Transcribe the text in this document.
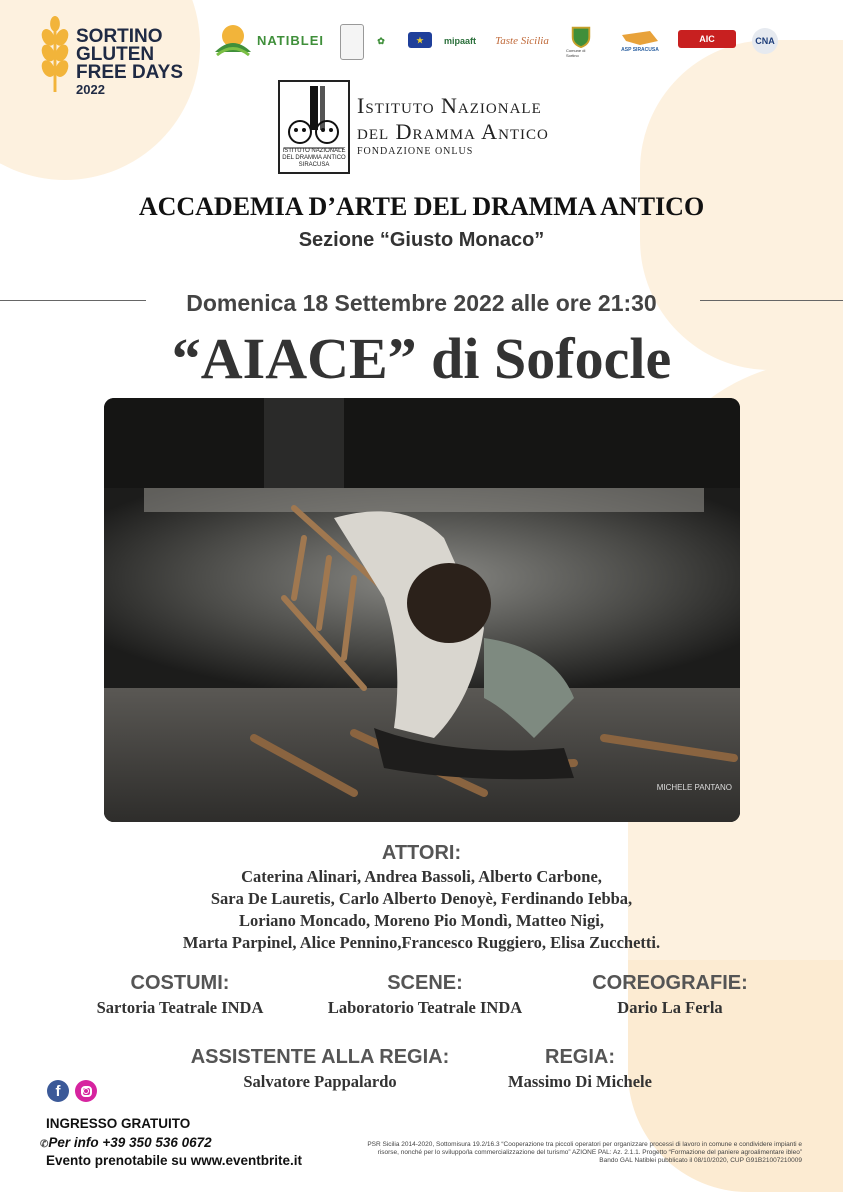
SORTINO
GLUTEN
FREE DAYS
2022
NATIBLEI	✿	★	mipaaft Taste Sicilia
Comune di Sortino
ASP SIRACUSA
AIC	CNA
ISTITUTO NAZIONALE DEL DRAMMA ANTICO SIRACUSA
Istituto Nazionale
del Dramma Antico
FONDAZIONE ONLUS
ACCADEMIA D’ARTE DEL DRAMMA ANTICO
Sezione “Giusto Monaco”
Domenica 18 Settembre 2022 alle ore 21:30
“AIACE” di Sofocle
MICHELE PANTANO
ATTORI:
Caterina Alinari, Andrea Bassoli, Alberto Carbone,
Sara De Lauretis, Carlo Alberto Denoyè, Ferdinando Iebba,
Loriano Moncado, Moreno Pio Mondì, Matteo Nigi,
Marta Parpinel, Alice Pennino,Francesco Ruggiero, Elisa Zucchetti.
COSTUMI:
Sartoria Teatrale INDA
SCENE:
Laboratorio Teatrale INDA
COREOGRAFIE:
Dario La Ferla
ASSISTENTE ALLA REGIA:
Salvatore Pappalardo
REGIA:
Massimo Di Michele
f
INGRESSO GRATUITO
✆Per info +39 350 536 0672
Evento prenotabile su www.eventbrite.it
PSR Sicilia 2014-2020, Sottomisura 19.2/16.3 “Cooperazione tra piccoli operatori per organizzare processi di lavoro in comune e condividere impianti e
risorse, nonché per lo sviluppo/la commercializzazione del turismo” AZIONE PAL: Az. 2.1.1. Progetto “Formazione del paniere agroalimentare ibleo”
Bando GAL Natiblei pubblicato il 08/10/2020, CUP G91B21007210009
